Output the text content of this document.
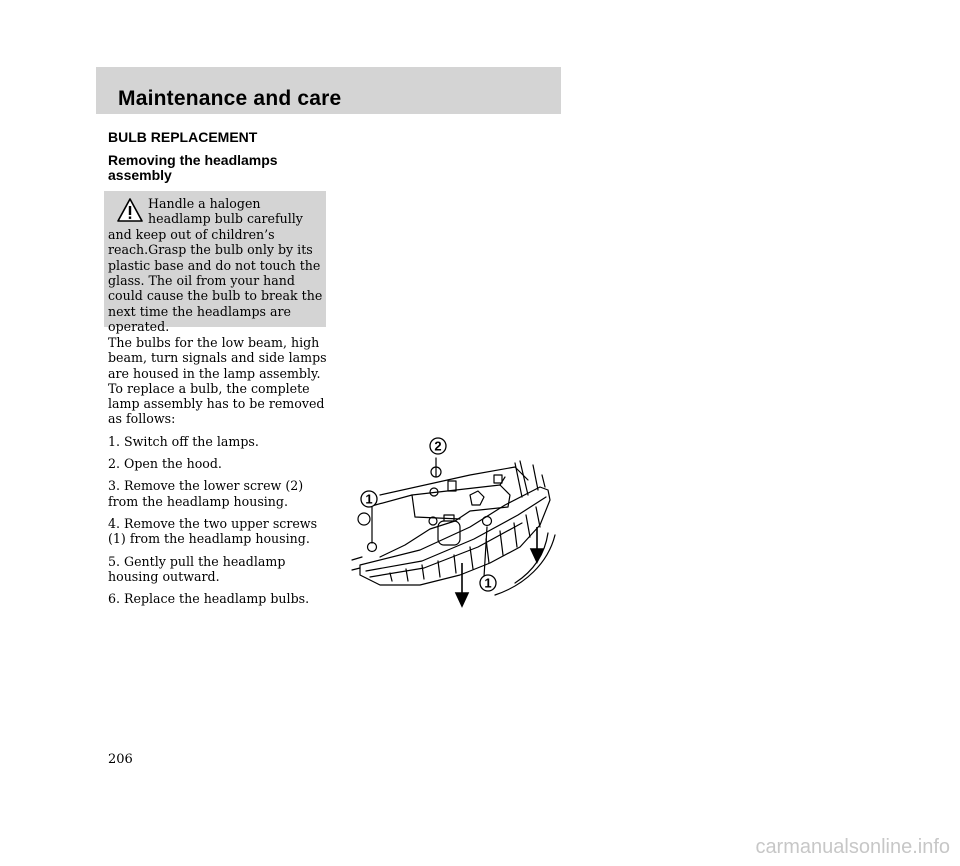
Maintenance and care
BULB REPLACEMENT
Removing the headlamps assembly
Handle a halogen headlamp bulb carefully and keep out of children’s reach.Grasp the bulb only by its plastic base and do not touch the glass. The oil from your hand could cause the bulb to break the next time the headlamps are operated.

The bulbs for the low beam, high beam, turn signals and side lamps are housed in the lamp assembly. To replace a bulb, the complete lamp assembly has to be removed as follows:

1. Switch off the lamps.
2. Open the hood.
3. Remove the lower screw (2) from the headlamp housing.
4. Remove the two upper screws (1) from the headlamp housing.
5. Gently pull the headlamp housing outward.
6. Replace the headlamp bulbs.
2
1
1
206
carmanualsonline.info
